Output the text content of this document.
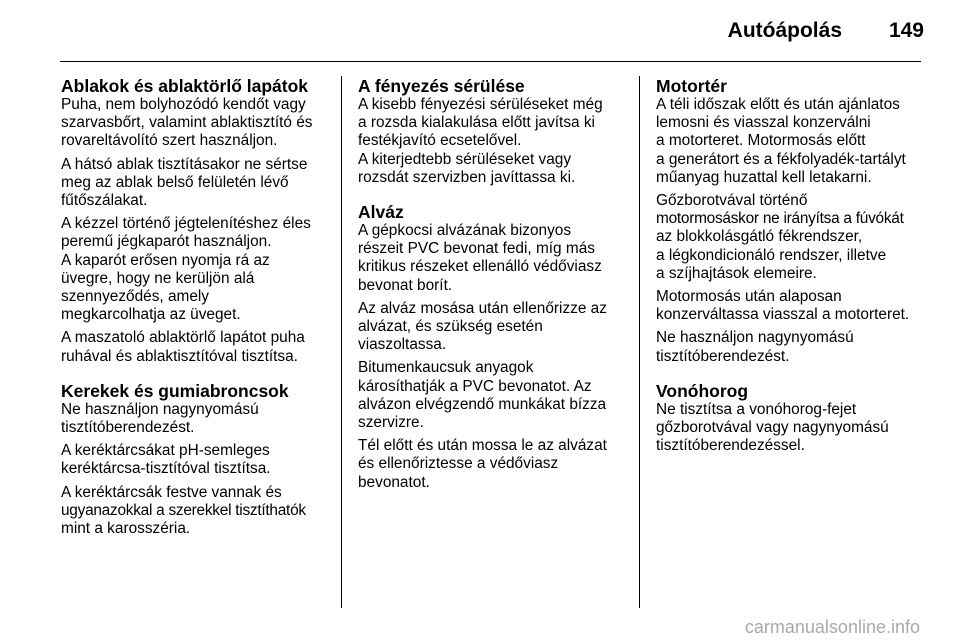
Autóápolás 149
Ablakok és ablaktörlő lapátok

Puha, nem bolyhozódó kendőt vagy
szarvasbőrt, valamint ablaktisztító és
rovareltávolító szert használjon.

A hátsó ablak tisztításakor ne sértse
meg az ablak belső felületén lévő
fűtőszálakat.

A kézzel történő jégtelenítéshez éles
peremű jégkaparót használjon.
A kaparót erősen nyomja rá az
üvegre, hogy ne kerüljön alá
szennyeződés, amely
megkarcolhatja az üveget.

A maszatoló ablaktörlő lapátot puha
ruhával és ablaktisztítóval tisztítsa.

Kerekek és gumiabroncsok

Ne használjon nagynyomású
tisztítóberendezést.

A keréktárcsákat pH-semleges
keréktárcsa-tisztítóval tisztítsa.

A keréktárcsák festve vannak és
ugyanazokkal a szerekkel tisztíthatók
mint a karosszéria.

A fényezés sérülése

A kisebb fényezési sérüléseket még
a rozsda kialakulása előtt javítsa ki
festékjavító ecsetelővel.
A kiterjedtebb sérüléseket vagy
rozsdát szervizben javíttassa ki.

Alváz

A gépkocsi alvázának bizonyos
részeit PVC bevonat fedi, míg más
kritikus részeket ellenálló védőviasz
bevonat borít.

Az alváz mosása után ellenőrizze az
alvázat, és szükség esetén
viaszoltassa.

Bitumenkaucsuk anyagok
károsíthatják a PVC bevonatot. Az
alvázon elvégzendő munkákat bízza
szervizre.

Tél előtt és után mossa le az alvázat
és ellenőriztesse a védőviasz
bevonatot.

Motortér

A téli időszak előtt és után ajánlatos
lemosni és viasszal konzerválni
a motorteret. Motormosás előtt
a generátort és a fékfolyadék-tartályt
műanyag huzattal kell letakarni.

Gőzborotvával történő
motormosáskor ne irányítsa a fúvókát
az blokkolásgátló fékrendszer,
a légkondicionáló rendszer, illetve
a szíjhajtások elemeire.

Motormosás után alaposan
konzerváltassa viasszal a motorteret.

Ne használjon nagynyomású
tisztítóberendezést.

Vonóhorog

Ne tisztítsa a vonóhorog-fejet
gőzborotvával vagy nagynyomású
tisztítóberendezéssel.

carmanualsonline.info
